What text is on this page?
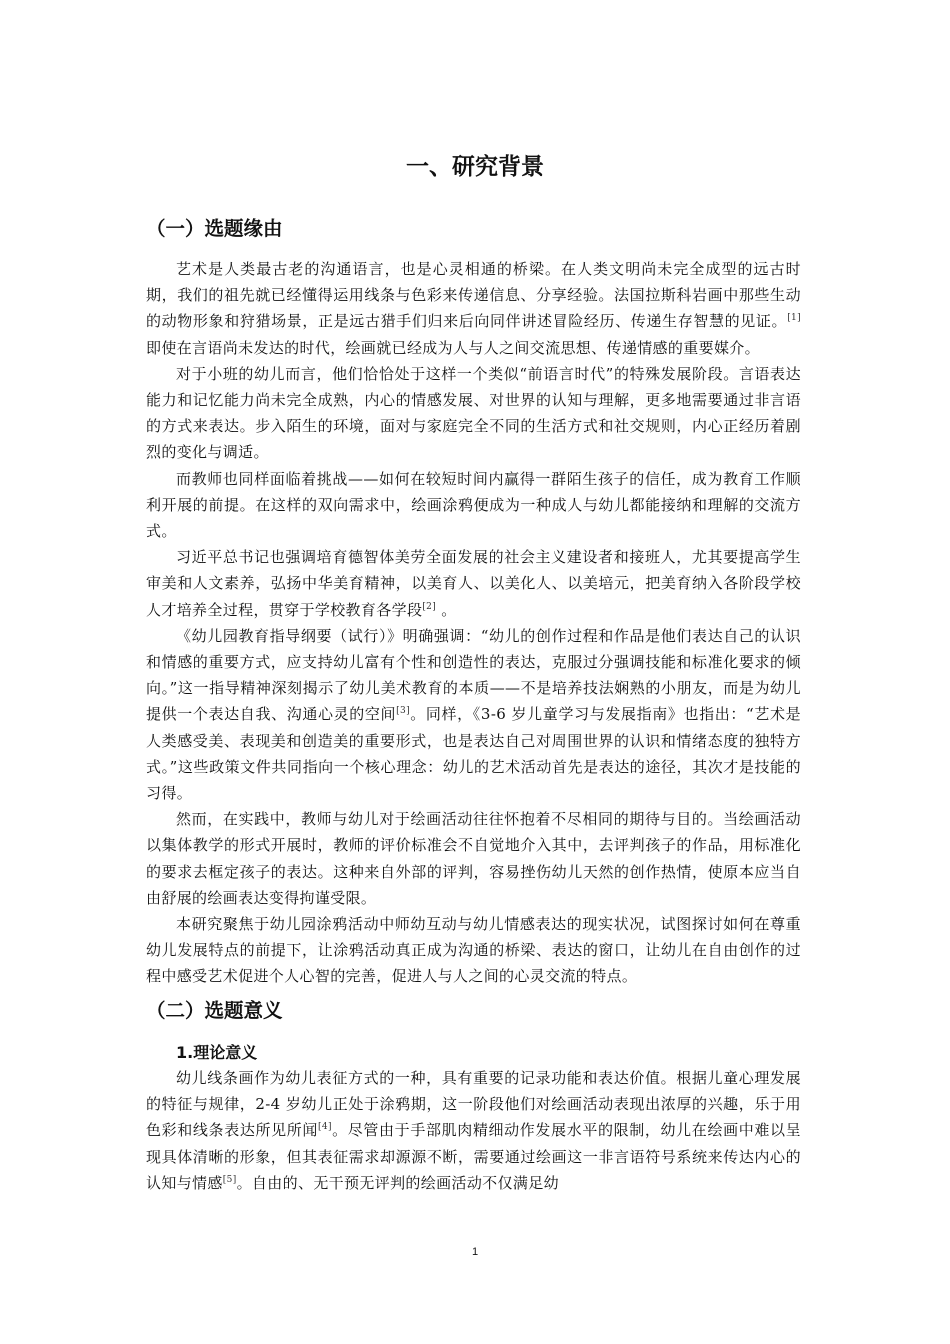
一、研究背景
（一）选题缘由

艺术是人类最古老的沟通语言，也是心灵相通的桥梁。在人类文明尚未完全成型的远古时期，我们的祖先就已经懂得运用线条与色彩来传递信息、分享经验。法国拉斯科岩画中那些生动的动物形象和狩猎场景，正是远古猎手们归来后向同伴讲述冒险经历、传递生存智慧的见证。[1]即使在言语尚未发达的时代，绘画就已经成为人与人之间交流思想、传递情感的重要媒介。

对于小班的幼儿而言，他们恰恰处于这样一个类似“前语言时代”的特殊发展阶段。言语表达能力和记忆能力尚未完全成熟，内心的情感发展、对世界的认知与理解，更多地需要通过非言语的方式来表达。步入陌生的环境，面对与家庭完全不同的生活方式和社交规则，内心正经历着剧烈的变化与调适。

而教师也同样面临着挑战——如何在较短时间内赢得一群陌生孩子的信任，成为教育工作顺利开展的前提。在这样的双向需求中，绘画涂鸦便成为一种成人与幼儿都能接纳和理解的交流方式。

习近平总书记也强调培育德智体美劳全面发展的社会主义建设者和接班人，尤其要提高学生审美和人文素养，弘扬中华美育精神，以美育人、以美化人、以美培元，把美育纳入各阶段学校人才培养全过程，贯穿于学校教育各学段[2] 。

《幼儿园教育指导纲要（试行）》明确强调：“幼儿的创作过程和作品是他们表达自己的认识和情感的重要方式，应支持幼儿富有个性和创造性的表达，克服过分强调技能和标准化要求的倾向。”这一指导精神深刻揭示了幼儿美术教育的本质——不是培养技法娴熟的小朋友，而是为幼儿提供一个表达自我、沟通心灵的空间[3]。同样，《3-6 岁儿童学习与发展指南》也指出：“艺术是人类感受美、表现美和创造美的重要形式，也是表达自己对周围世界的认识和情绪态度的独特方式。”这些政策文件共同指向一个核心理念：幼儿的艺术活动首先是表达的途径，其次才是技能的习得。

然而，在实践中，教师与幼儿对于绘画活动往往怀抱着不尽相同的期待与目的。当绘画活动以集体教学的形式开展时，教师的评价标准会不自觉地介入其中，去评判孩子的作品，用标准化的要求去框定孩子的表达。这种来自外部的评判，容易挫伤幼儿天然的创作热情，使原本应当自由舒展的绘画表达变得拘谨受限。

本研究聚焦于幼儿园涂鸦活动中师幼互动与幼儿情感表达的现实状况，试图探讨如何在尊重幼儿发展特点的前提下，让涂鸦活动真正成为沟通的桥梁、表达的窗口，让幼儿在自由创作的过程中感受艺术促进个人心智的完善，促进人与人之间的心灵交流的特点。

（二）选题意义
1.理论意义

幼儿线条画作为幼儿表征方式的一种，具有重要的记录功能和表达价值。根据儿童心理发展的特征与规律，2-4 岁幼儿正处于涂鸦期，这一阶段他们对绘画活动表现出浓厚的兴趣，乐于用色彩和线条表达所见所闻[4]。尽管由于手部肌肉精细动作发展水平的限制，幼儿在绘画中难以呈现具体清晰的形象，但其表征需求却源源不断，需要通过绘画这一非言语符号系统来传达内心的认知与情感[5]。自由的、无干预无评判的绘画活动不仅满足幼

1
